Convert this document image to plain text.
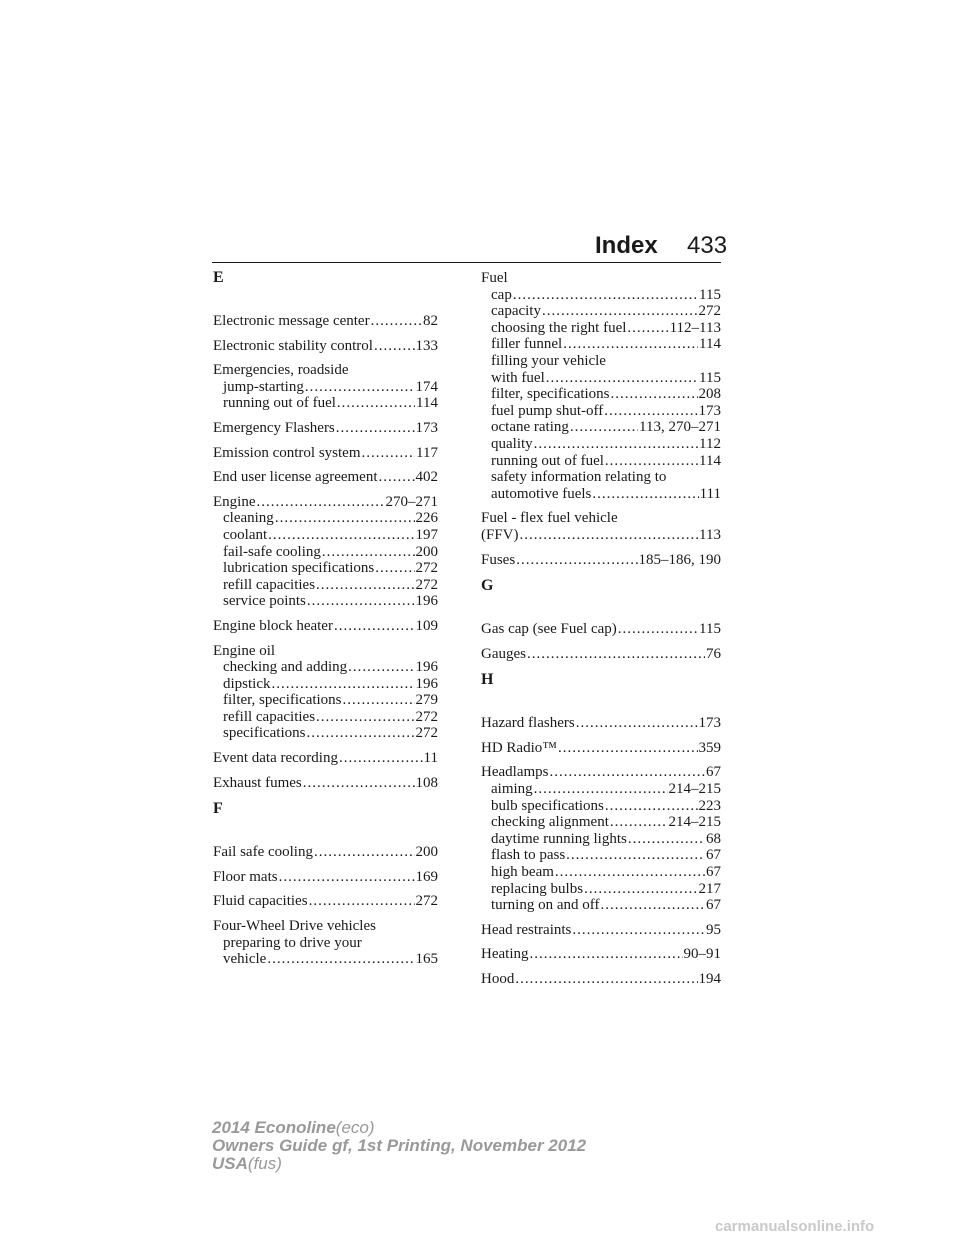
Index 433
E
Electronic message center .....	82
Electronic stability control .....	133
Emergencies, roadside
jump-starting .....	174
running out of fuel .....	114
Emergency Flashers .....	173
Emission control system .....	117
End user license agreement .....	402
Engine .....	270–271
cleaning .....	226
coolant .....	197
fail-safe cooling .....	200
lubrication specifications .....	272
refill capacities .....	272
service points .....	196
Engine block heater .....	109
Engine oil
checking and adding .....	196
dipstick .....	196
filter, specifications .....	279
refill capacities .....	272
specifications .....	272
Event data recording .....	11
Exhaust fumes .....	108
F
Fail safe cooling .....	200
Floor mats .....	169
Fluid capacities .....	272
Four-Wheel Drive vehicles
preparing to drive your
vehicle .....	165
Fuel
cap .....	115
capacity .....	272
choosing the right fuel .....	112–113
filler funnel .....	114
filling your vehicle
with fuel .....	115
filter, specifications .....	208
fuel pump shut-off .....	173
octane rating .....	113, 270–271
quality .....	112
running out of fuel .....	114
safety information relating to
automotive fuels .....	111
Fuel - flex fuel vehicle
(FFV) .....	113
Fuses .....	185–186, 190
G
Gas cap (see Fuel cap) .....	115
Gauges .....	76
H
Hazard flashers .....	173
HD Radio™ .....	359
Headlamps .....	67
aiming .....	214–215
bulb specifications .....	223
checking alignment .....	214–215
daytime running lights .....	68
flash to pass .....	67
high beam .....	67
replacing bulbs .....	217
turning on and off .....	67
Head restraints .....	95
Heating .....	90–91
Hood .....	194
2014 Econoline(eco)
Owners Guide gf, 1st Printing, November 2012
USA(fus)
carmanualsonline.info
